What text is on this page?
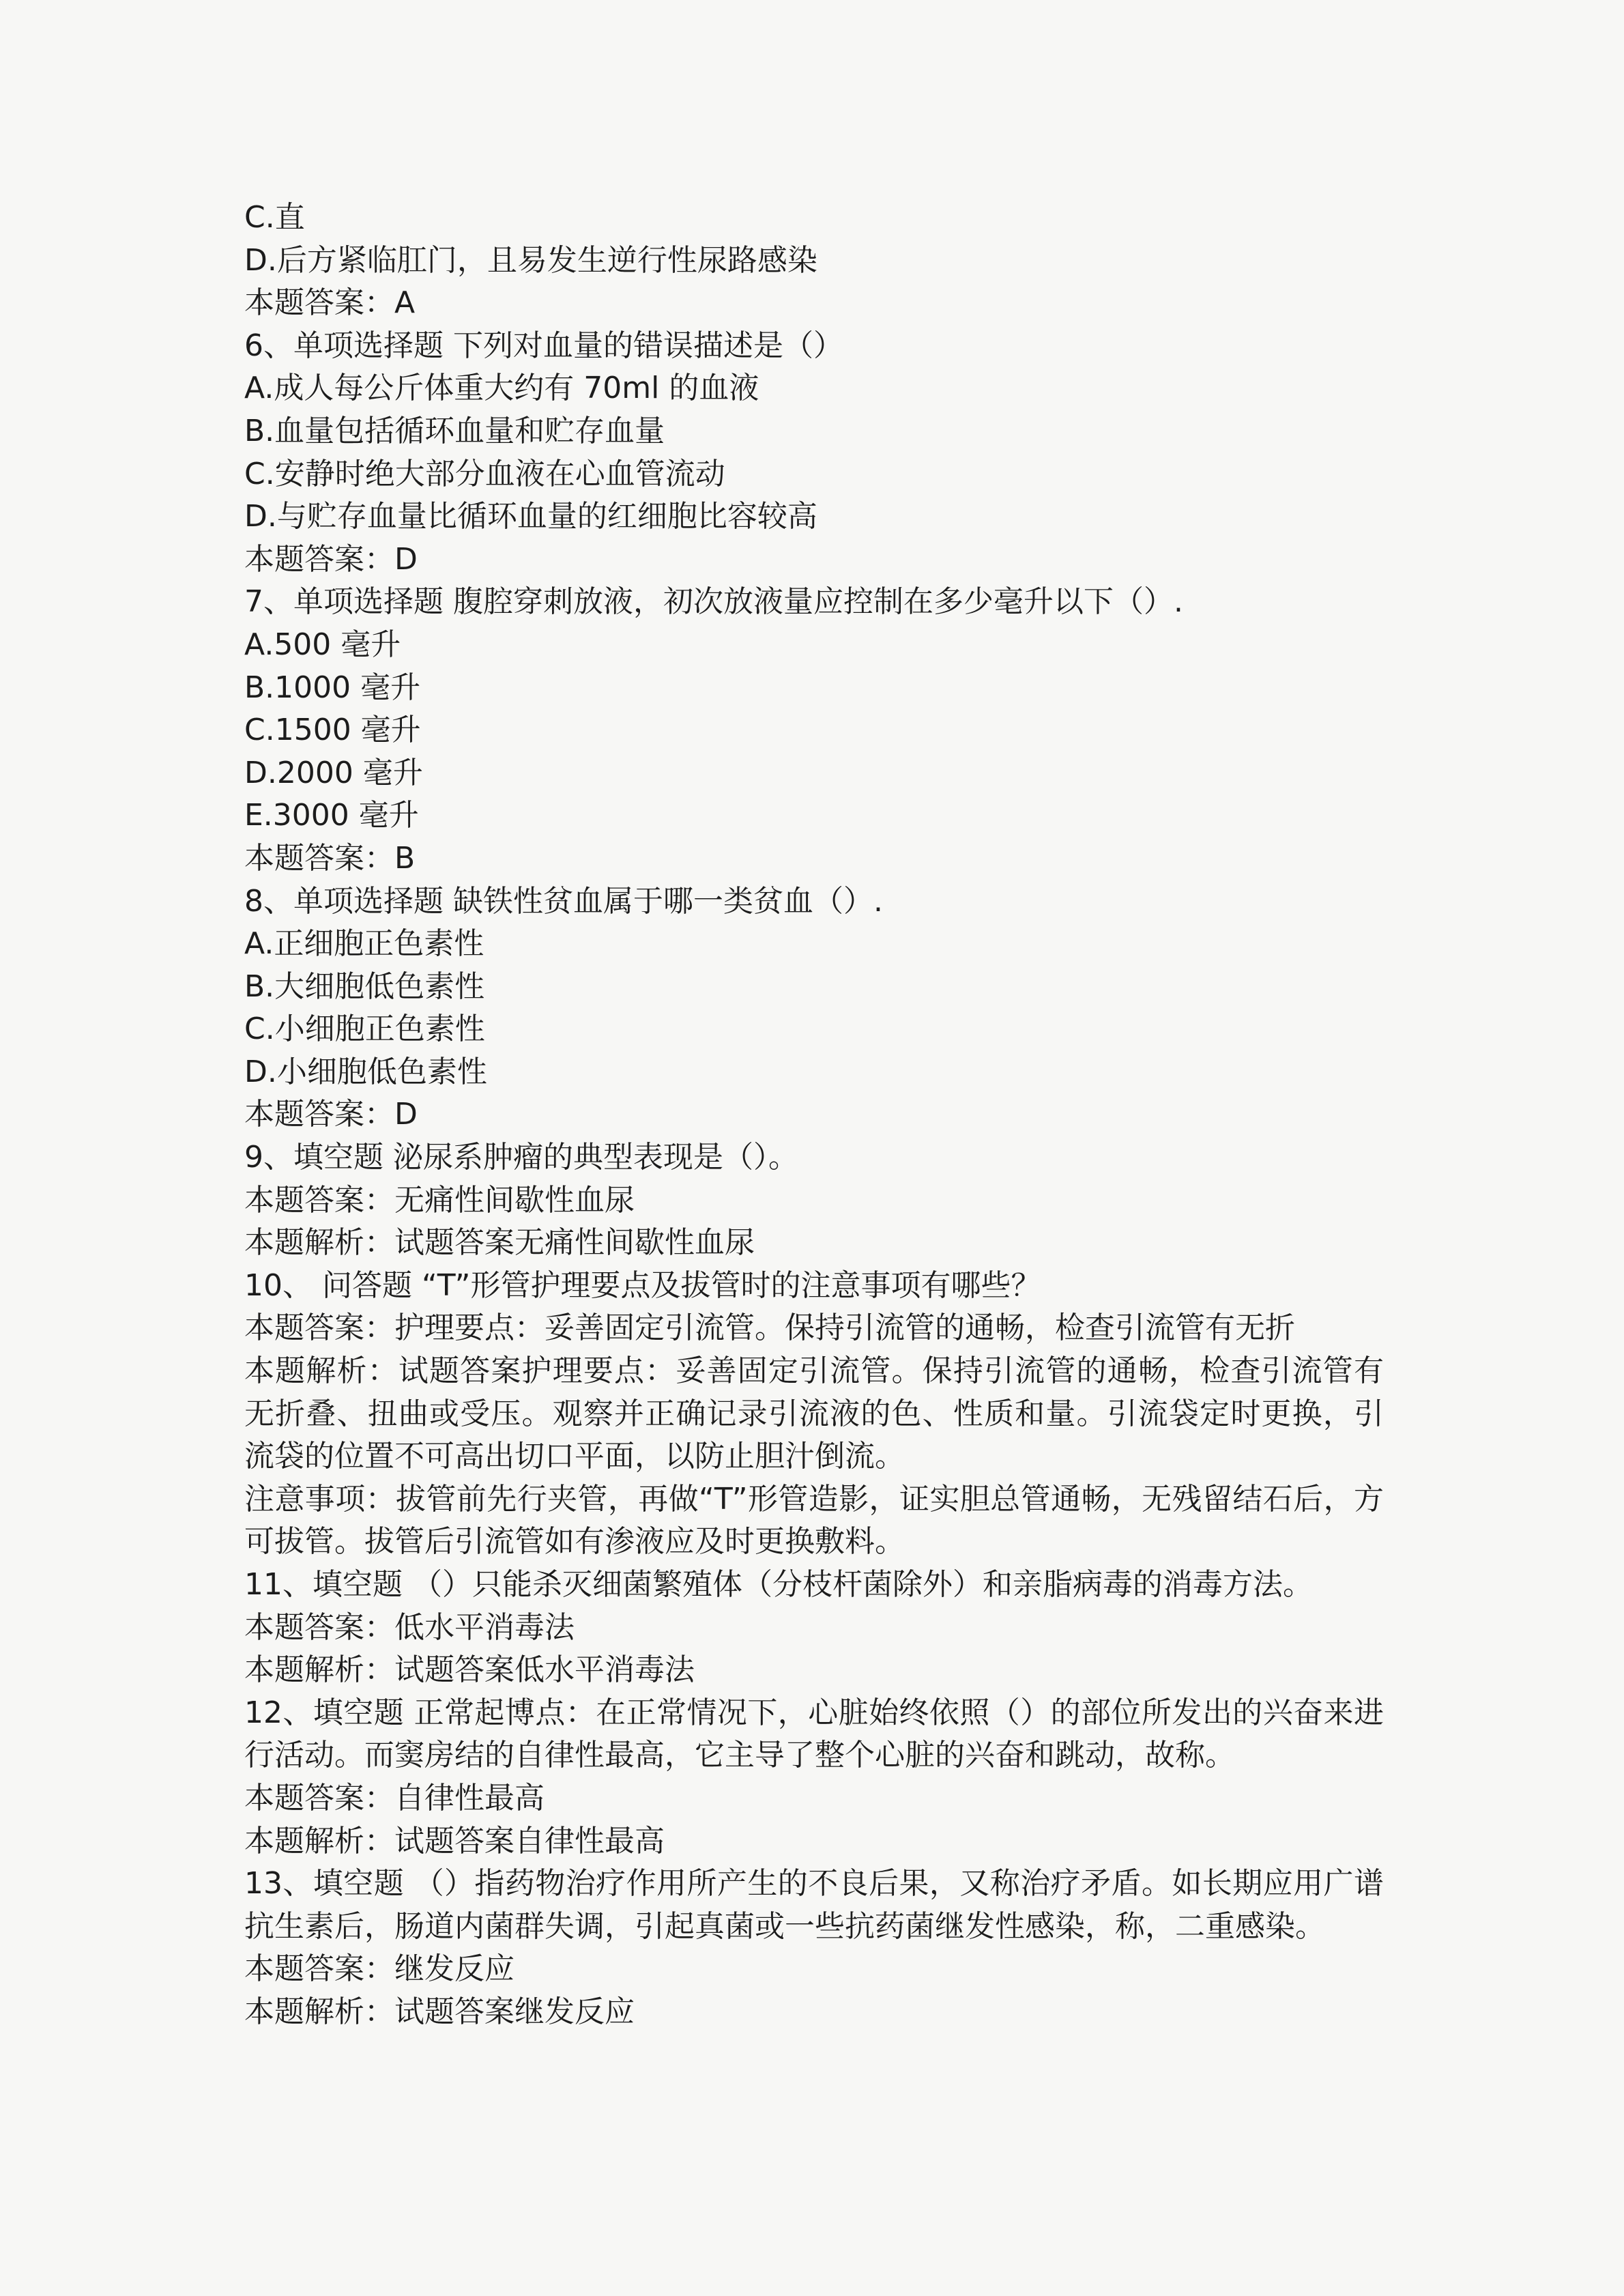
C.直
D.后方紧临肛门，且易发生逆行性尿路感染
本题答案：A
6、单项选择题 下列对血量的错误描述是（）
A.成人每公斤体重大约有 70ml 的血液
B.血量包括循环血量和贮存血量
C.安静时绝大部分血液在心血管流动
D.与贮存血量比循环血量的红细胞比容较高
本题答案：D
7、单项选择题 腹腔穿刺放液，初次放液量应控制在多少毫升以下（）.
A.500 毫升
B.1000 毫升
C.1500 毫升
D.2000 毫升
E.3000 毫升
本题答案：B
8、单项选择题 缺铁性贫血属于哪一类贫血（）.
A.正细胞正色素性
B.大细胞低色素性
C.小细胞正色素性
D.小细胞低色素性
本题答案：D
9、填空题 泌尿系肿瘤的典型表现是（）。
本题答案：无痛性间歇性血尿
本题解析：试题答案无痛性间歇性血尿
10、 问答题 “T”形管护理要点及拔管时的注意事项有哪些？
本题答案：护理要点：妥善固定引流管。保持引流管的通畅，检查引流管有无折
本题解析：试题答案护理要点：妥善固定引流管。保持引流管的通畅，检查引流管有无折叠、扭曲或受压。观察并正确记录引流液的色、性质和量。引流袋定时更换，引流袋的位置不可高出切口平面，以防止胆汁倒流。
注意事项：拔管前先行夹管，再做“T”形管造影，证实胆总管通畅，无残留结石后，方可拔管。拔管后引流管如有渗液应及时更换敷料。
11、填空题 （）只能杀灭细菌繁殖体（分枝杆菌除外）和亲脂病毒的消毒方法。
本题答案：低水平消毒法
本题解析：试题答案低水平消毒法
12、填空题 正常起博点：在正常情况下，心脏始终依照（）的部位所发出的兴奋来进行活动。而窦房结的自律性最高，它主导了整个心脏的兴奋和跳动，故称。
本题答案：自律性最高
本题解析：试题答案自律性最高
13、填空题 （）指药物治疗作用所产生的不良后果，又称治疗矛盾。如长期应用广谱抗生素后，肠道内菌群失调，引起真菌或一些抗药菌继发性感染，称，二重感染。
本题答案：继发反应
本题解析：试题答案继发反应
